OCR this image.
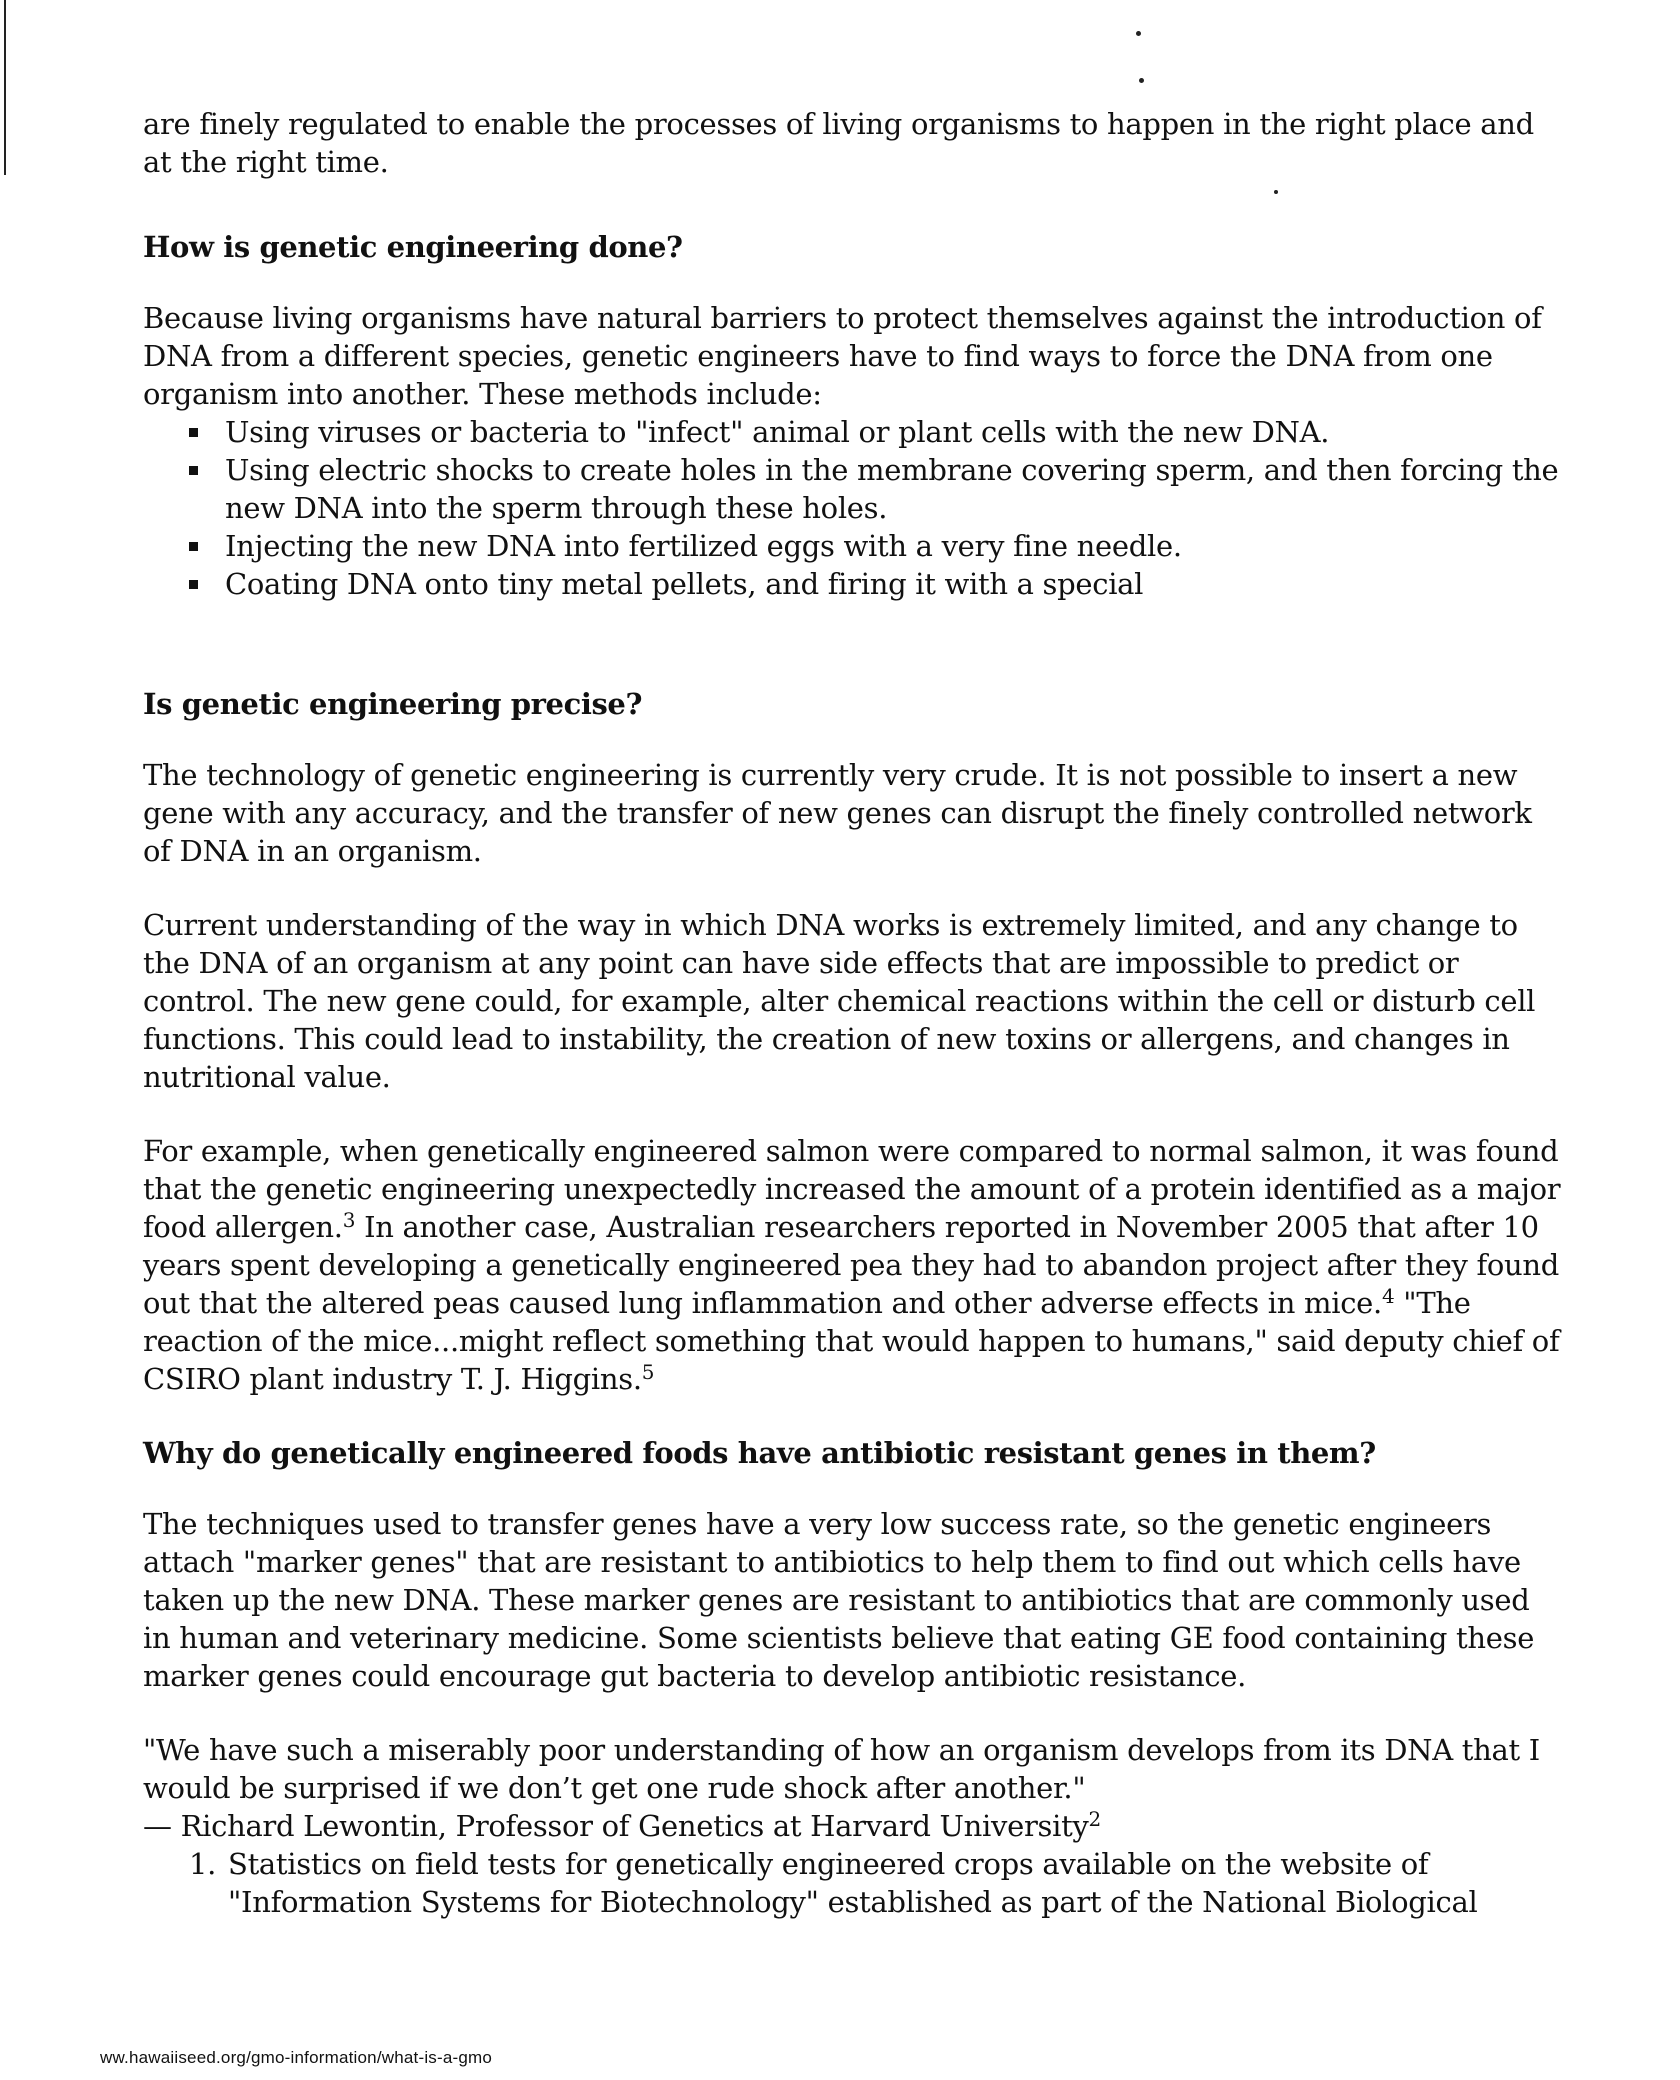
are finely regulated to enable the processes of living organisms to happen in the right place and at the right time.

How is genetic engineering done?

Because living organisms have natural barriers to protect themselves against the introduction of DNA from a different species, genetic engineers have to find ways to force the DNA from one organism into another. These methods include:

Using viruses or bacteria to "infect" animal or plant cells with the new DNA.
Using electric shocks to create holes in the membrane covering sperm, and then forcing the new DNA into the sperm through these holes.
Injecting the new DNA into fertilized eggs with a very fine needle.
Coating DNA onto tiny metal pellets, and firing it with a special
Is genetic engineering precise?

The technology of genetic engineering is currently very crude. It is not possible to insert a new gene with any accuracy, and the transfer of new genes can disrupt the finely controlled network of DNA in an organism.

Current understanding of the way in which DNA works is extremely limited, and any change to the DNA of an organism at any point can have side effects that are impossible to predict or control. The new gene could, for example, alter chemical reactions within the cell or disturb cell functions. This could lead to instability, the creation of new toxins or allergens, and changes in nutritional value.

For example, when genetically engineered salmon were compared to normal salmon, it was found that the genetic engineering unexpectedly increased the amount of a protein identified as a major food allergen.$^3$ In another case, Australian researchers reported in November 2005 that after 10 years spent developing a genetically engineered pea they had to abandon project after they found out that the altered peas caused lung inflammation and other adverse effects in mice.$^4$ "The reaction of the mice...might reflect something that would happen to humans," said deputy chief of CSIRO plant industry T. J. Higgins.$^5$

Why do genetically engineered foods have antibiotic resistant genes in them?

The techniques used to transfer genes have a very low success rate, so the genetic engineers attach "marker genes" that are resistant to antibiotics to help them to find out which cells have taken up the new DNA. These marker genes are resistant to antibiotics that are commonly used in human and veterinary medicine. Some scientists believe that eating GE food containing these marker genes could encourage gut bacteria to develop antibiotic resistance.

"We have such a miserably poor understanding of how an organism develops from its DNA that I would be surprised if we don’t get one rude shock after another."

— Richard Lewontin, Professor of Genetics at Harvard University$^2$

1. Statistics on field tests for genetically engineered crops available on the website of "Information Systems for Biotechnology" established as part of the National Biological
ww.hawaiiseed.org/gmo-information/what-is-a-gmo
